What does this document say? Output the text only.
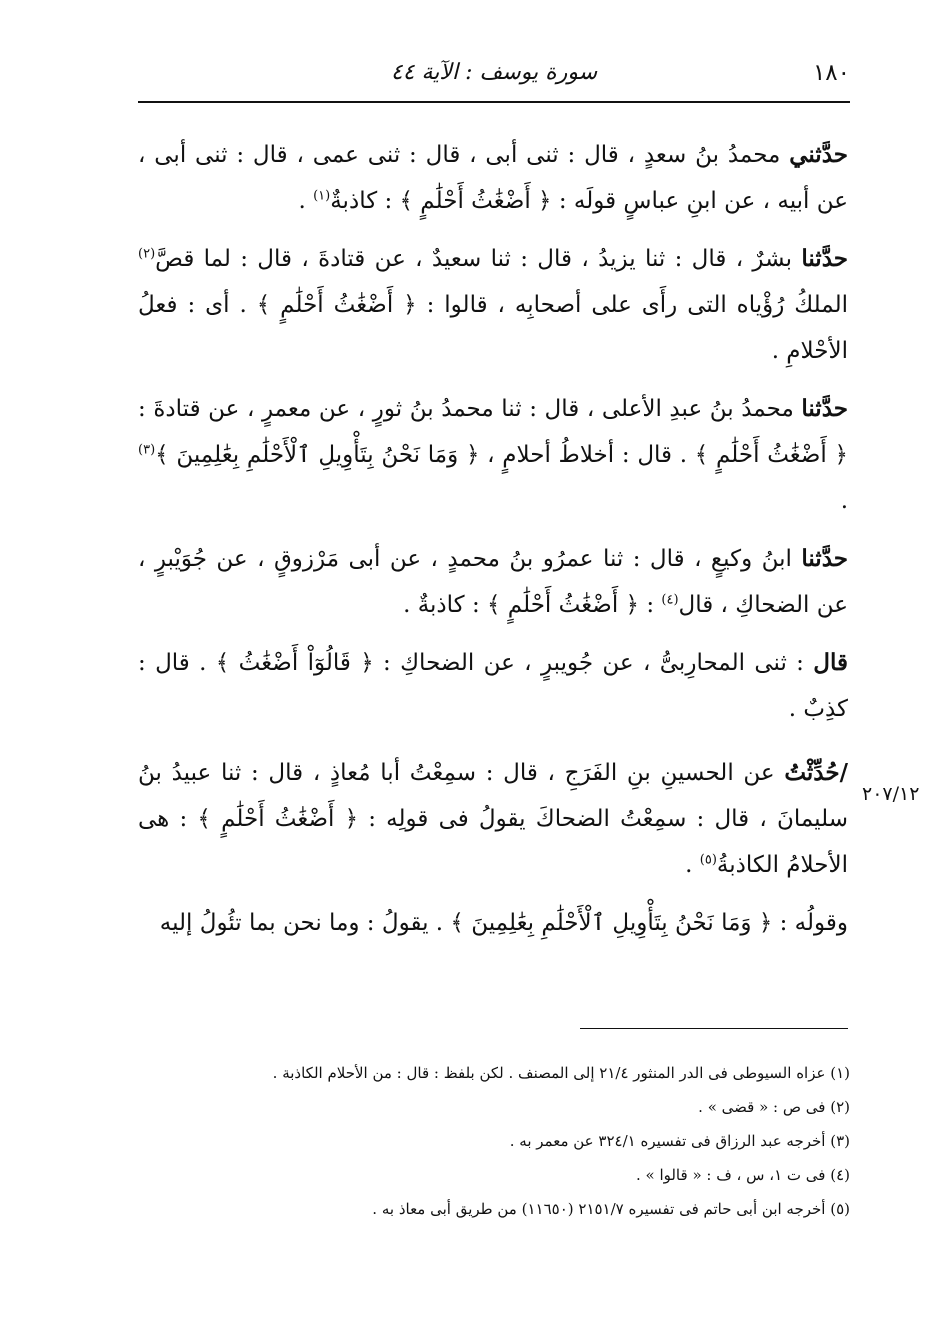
١٨٠
سورة يوسف : الآية ٤٤
٢٠٧/١٢

حدَّثني محمدُ بنُ سعدٍ ، قال : ثنى أبى ، قال : ثنى عمى ، قال : ثنى أبى ، عن أبيه ، عن ابنِ عباسٍ قولَه : ﴿ أَضْغَٰثُ أَحْلَٰمٍ ﴾ : كاذبةٌ$^{(١)}$ .

حدَّثنا بشرٌ ، قال : ثنا يزيدُ ، قال : ثنا سعيدٌ ، عن قتادةَ ، قال : لما قصَّ$^{(٢)}$ الملكُ رُؤْياه التى رأَى على أصحابِه ، قالوا : ﴿ أَضْغَٰثُ أَحْلَٰمٍ ﴾ . أى : فعلُ الأحْلامِ .

حدَّثنا محمدُ بنُ عبدِ الأعلى ، قال : ثنا محمدُ بنُ ثورٍ ، عن معمرٍ ، عن قتادةَ : ﴿ أَضْغَٰثُ أَحْلَٰمٍ ﴾ . قال : أخلاطُ أحلامٍ ، ﴿ وَمَا نَحْنُ بِتَأْوِيلِ ٱلْأَحْلَٰمِ بِعَٰلِمِينَ ﴾$^{(٣)}$ .

حدَّثنا ابنُ وكيعٍ ، قال : ثنا عمرُو بنُ محمدٍ ، عن أبى مَرْزوقٍ ، عن جُوَيْبرٍ ، عن الضحاكِ ، قال$^{(٤)}$ : ﴿ أَضْغَٰثُ أَحْلَٰمٍ ﴾ : كاذبةٌ .

قال : ثنى المحارِبىُّ ، عن جُويبرٍ ، عن الضحاكِ : ﴿ قَالُوٓاْ أَضْغَٰثُ ﴾ . قال : كذِبٌ .

/حُدِّثْتُ عن الحسينِ بنِ الفَرَجِ ، قال : سمِعْتُ أبا مُعاذٍ ، قال : ثنا عبيدُ بنُ سليمانَ ، قال : سمِعْتُ الضحاكَ يقولُ فى قولِه : ﴿ أَضْغَٰثُ أَحْلَٰمٍ ﴾ : هى الأحلامُ الكاذبةُ$^{(٥)}$ .

وقولُه : ﴿ وَمَا نَحْنُ بِتَأْوِيلِ ٱلْأَحْلَٰمِ بِعَٰلِمِينَ ﴾ . يقولُ : وما نحن بما تئُولُ إليه

(١) عزاه السيوطى فى الدر المنثور ٢١/٤ إلى المصنف . لكن بلفظ : قال : من الأحلام الكاذبة .
(٢) فى ص : « قضى » .
(٣) أخرجه عبد الرزاق فى تفسيره ٣٢٤/١ عن معمر به .
(٤) فى ت ١، س ، ف : « قالوا » .
(٥) أخرجه ابن أبى حاتم فى تفسيره ٢١٥١/٧ (١١٦٥٠) من طريق أبى معاذ به .
